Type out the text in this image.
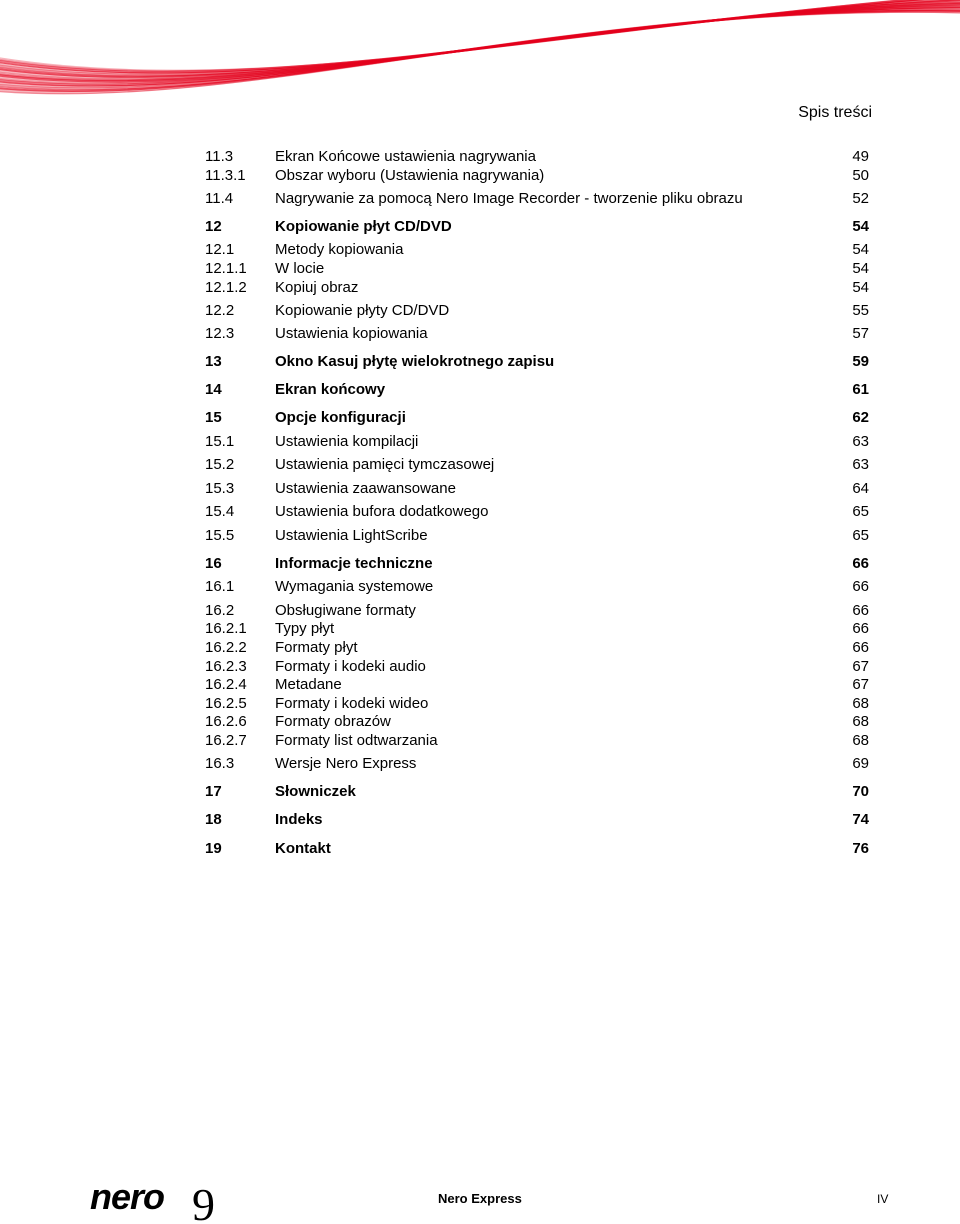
Spis treści
11.3	Ekran Końcowe ustawienia nagrywania	49
11.3.1 Obszar wyboru (Ustawienia nagrywania)	50
11.4	Nagrywanie za pomocą Nero Image Recorder - tworzenie pliku obrazu	52
12	Kopiowanie płyt CD/DVD	54
12.1	Metody kopiowania	54
12.1.1 W locie	54
12.1.2 Kopiuj obraz	54
12.2	Kopiowanie płyty CD/DVD	55
12.3	Ustawienia kopiowania	57
13	Okno Kasuj płytę wielokrotnego zapisu	59
14	Ekran końcowy	61
15	Opcje konfiguracji	62
15.1	Ustawienia kompilacji	63
15.2	Ustawienia pamięci tymczasowej	63
15.3	Ustawienia zaawansowane	64
15.4	Ustawienia bufora dodatkowego	65
15.5	Ustawienia LightScribe	65
16	Informacje techniczne	66
16.1	Wymagania systemowe	66
16.2	Obsługiwane formaty	66
16.2.1 Typy płyt	66
16.2.2 Formaty płyt	66
16.2.3 Formaty i kodeki audio	67
16.2.4 Metadane	67
16.2.5 Formaty i kodeki wideo	68
16.2.6 Formaty obrazów	68
16.2.7 Formaty list odtwarzania	68
16.3	Wersje Nero Express	69
17	Słowniczek	70
18	Indeks	74
19	Kontakt	76
nero 9	Nero Express	IV
